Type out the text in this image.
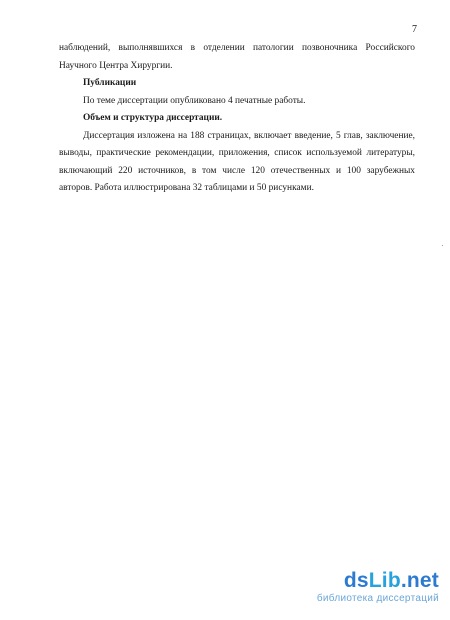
7

наблюдений, выполнявшихся в отделении патологии позвоночника Российского

Научного Центра Хирургии.

Публикации

По теме диссертации опубликовано 4 печатные работы.

Объем и структура диссертации.

Диссертация изложена на 188 страницах, включает введение, 5 глав, заключение, выводы, практические рекомендации, приложения, список используемой литературы, включающий 220 источников, в том числе 120 отечественных и 100 зарубежных авторов. Работа иллюстрирована 32 таблицами и 50 рисунками.

dsLib.net
библиотека диссертаций
